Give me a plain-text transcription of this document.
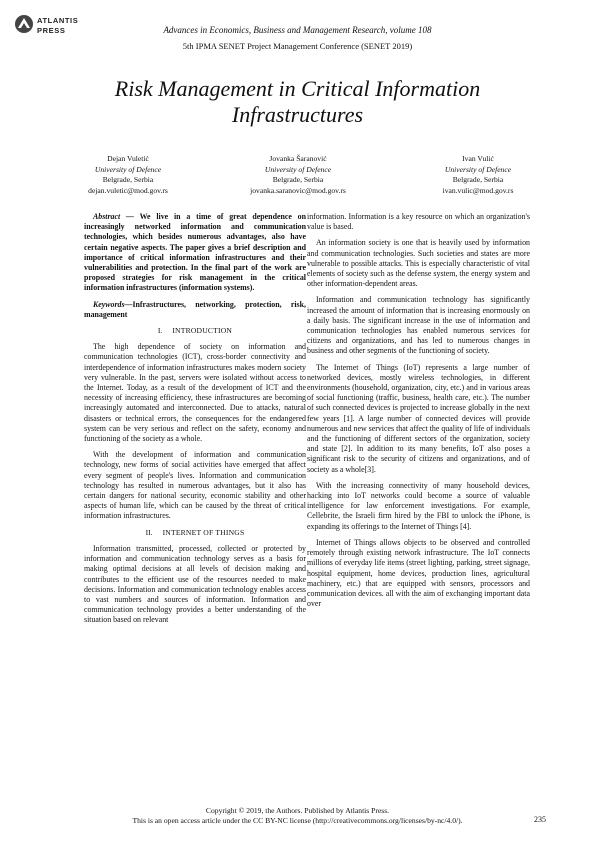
ATLANTIS
PRESS	Advances in Economics, Business and Management Research, volume 108
5th IPMA SENET Project Management Conference (SENET 2019)
Risk Management in Critical Information Infrastructures
Dejan Vuletić
University of Defence
Belgrade, Serbia
dejan.vuletic@mod.gov.rs
Jovanka Šaranović
University of Defence
Belgrade, Serbia
jovanka.saranovic@mod.gov.rs
Ivan Vulić
University of Defence
Belgrade, Serbia
ivan.vulic@mod.gov.rs

Abstract — We live in a time of great dependence on increasingly networked information and communication technologies, which besides numerous advantages, also have certain negative aspects. The paper gives a brief description and importance of critical information infrastructures and their vulnerabilities and protection. In the final part of the work are proposed strategies for risk management in the critical information infrastructures (information systems).

Keywords—Infrastructures, networking, protection, risk, management

I. INTRODUCTION

The high dependence of society on information and communication technologies (ICT), cross-border connectivity and interdependence of information infrastructures makes modern society very vulnerable. In the past, servers were isolated without access to the Internet. Today, as a result of the development of ICT and the necessity of increasing efficiency, these infrastructures are becoming increasingly automated and interconnected. Due to attacks, natural disasters or technical errors, the consequences for the endangered system can be very serious and reflect on the safety, economy and functioning of the society as a whole.

With the development of information and communication technology, new forms of social activities have emerged that affect every segment of people's lives. Information and communication technology has resulted in numerous advantages, but it also has certain dangers for national security, economic stability and other aspects of human life, which can be caused by the threat of critical information infrastructures.

II. INTERNET OF THINGS

Information transmitted, processed, collected or protected by information and communication technology serves as a basis for making optimal decisions at all levels of decision making and contributes to the efficient use of the resources needed to make decisions. Information and communication technology enables access to vast numbers and sources of information. Information and communication technology provides a better understanding of the situation based on relevant

information. Information is a key resource on which an organization's value is based.

An information society is one that is heavily used by information and communication technologies. Such societies and states are more vulnerable to possible attacks. This is especially characteristic of vital elements of society such as the defense system, the energy system and other information-dependent areas.

Information and communication technology has significantly increased the amount of information that is increasing enormously on a daily basis. The significant increase in the use of information and communication technologies has enabled numerous services for citizens and organizations, and has led to numerous changes in business and other segments of the functioning of society.

The Internet of Things (IoT) represents a large number of networked devices, mostly wireless technologies, in different environments (household, organization, city, etc.) and in various areas of social functioning (traffic, business, health care, etc.). The number of such connected devices is projected to increase globally in the next few years [1]. A large number of connected devices will provide numerous and new services that affect the quality of life of individuals and the functioning of different sectors of the organization, society and state [2]. In addition to its many benefits, IoT also poses a significant risk to the security of citizens and organizations, and of society as a whole[3].

With the increasing connectivity of many household devices, hacking into IoT networks could become a source of valuable intelligence for law enforcement investigations. For example, Cellebrite, the Israeli firm hired by the FBI to unlock the iPhone, is expanding its offerings to the Internet of Things [4].

Internet of Things allows objects to be observed and controlled remotely through existing network infrastructure. The IoT connects millions of everyday life items (street lighting, parking, street signage, hospital equipment, home devices, production lines, agricultural machinery, etc.) that are equipped with sensors, processors and communication devices. all with the aim of exchanging important data over

Copyright © 2019, the Authors. Published by Atlantis Press.
This is an open access article under the CC BY-NC license (http://creativecommons.org/licenses/by-nc/4.0/).	235
